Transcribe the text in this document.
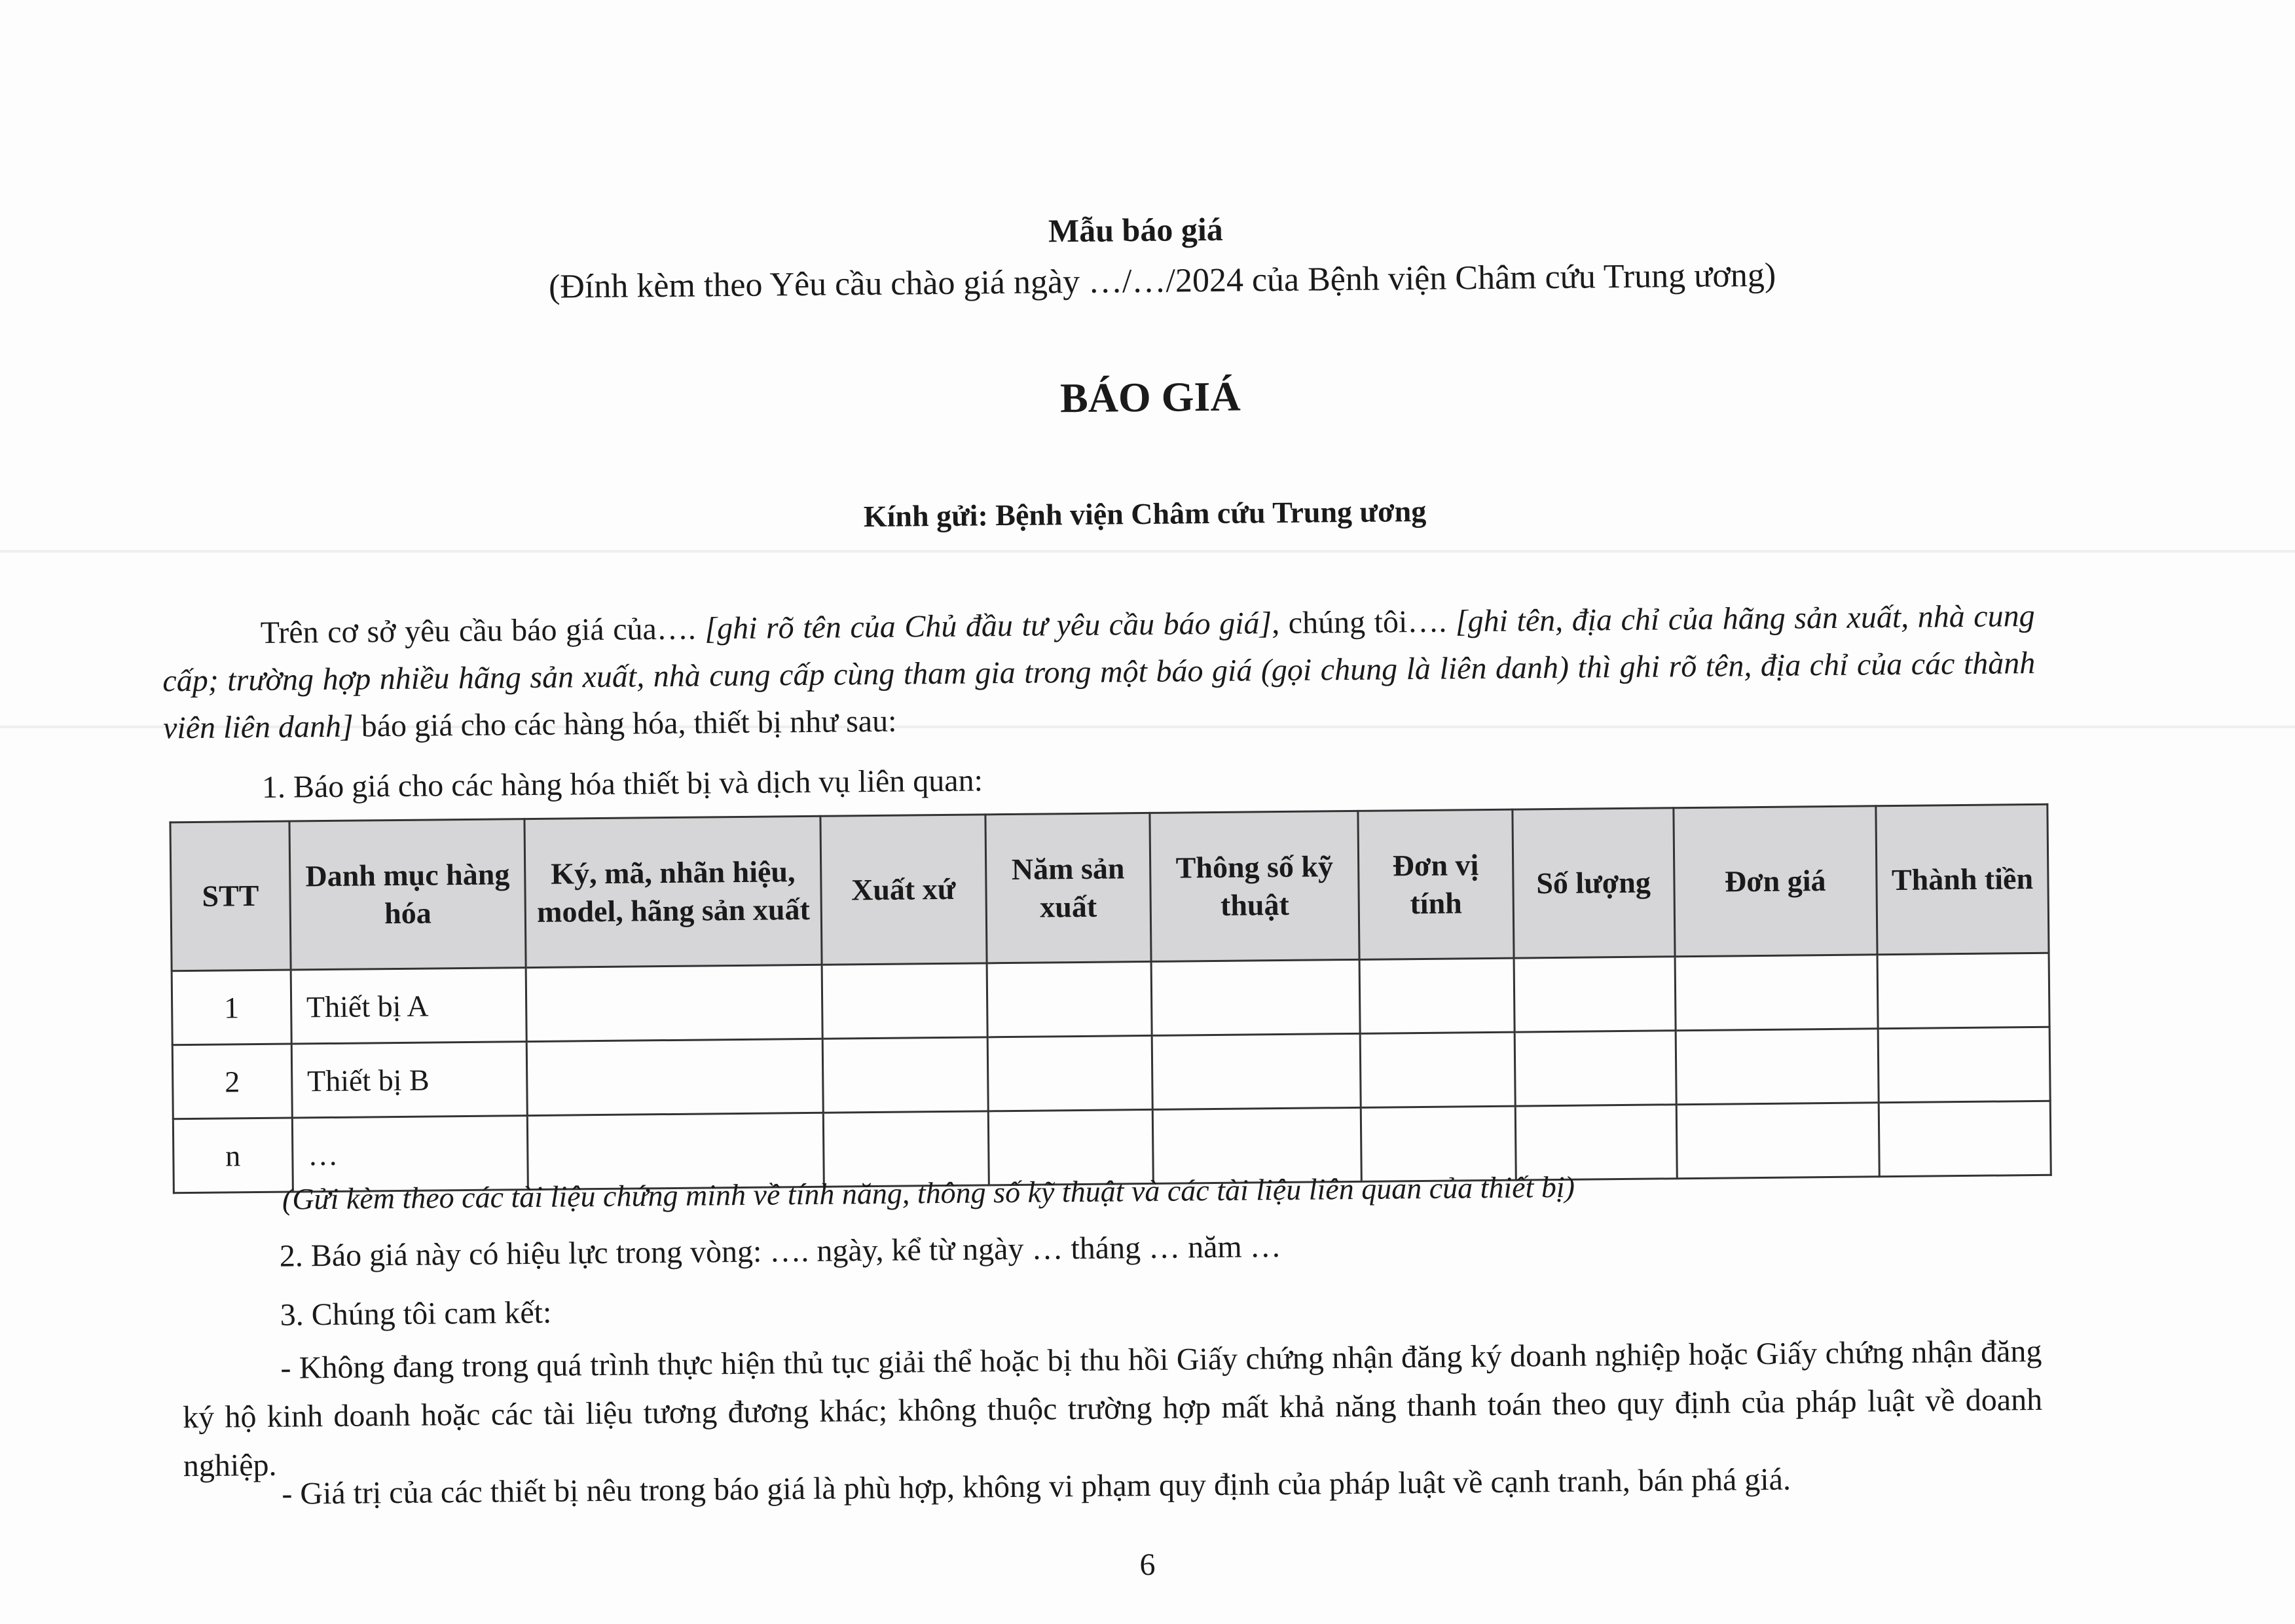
Mẫu báo giá
(Đính kèm theo Yêu cầu chào giá ngày …/…/2024 của Bệnh viện Châm cứu Trung ương)
BÁO GIÁ
Kính gửi: Bệnh viện Châm cứu Trung ương
Trên cơ sở yêu cầu báo giá của…. [ghi rõ tên của Chủ đầu tư yêu cầu báo giá], chúng tôi…. [ghi tên, địa chỉ của hãng sản xuất, nhà cung cấp; trường hợp nhiều hãng sản xuất, nhà cung cấp cùng tham gia trong một báo giá (gọi chung là liên danh) thì ghi rõ tên, địa chỉ của các thành viên liên danh] báo giá cho các hàng hóa, thiết bị như sau:
1. Báo giá cho các hàng hóa thiết bị và dịch vụ liên quan:
STT	Danh mục hàng hóa	Ký, mã, nhãn hiệu, model, hãng sản xuất	Xuất xứ	Năm sản xuất	Thông số kỹ thuật	Đơn vị tính	Số lượng	Đơn giá	Thành tiền
1	Thiết bị A								
2	Thiết bị B								
n	…								
(Gửi kèm theo các tài liệu chứng minh về tính năng, thông số kỹ thuật và các tài liệu liên quan của thiết bị)
2. Báo giá này có hiệu lực trong vòng: …. ngày, kể từ ngày … tháng … năm …
3. Chúng tôi cam kết:
- Không đang trong quá trình thực hiện thủ tục giải thể hoặc bị thu hồi Giấy chứng nhận đăng ký doanh nghiệp hoặc Giấy chứng nhận đăng ký hộ kinh doanh hoặc các tài liệu tương đương khác; không thuộc trường hợp mất khả năng thanh toán theo quy định của pháp luật về doanh nghiệp. - Giá trị của các thiết bị nêu trong báo giá là phù hợp, không vi phạm quy định của pháp luật về cạnh tranh, bán phá giá.
6
